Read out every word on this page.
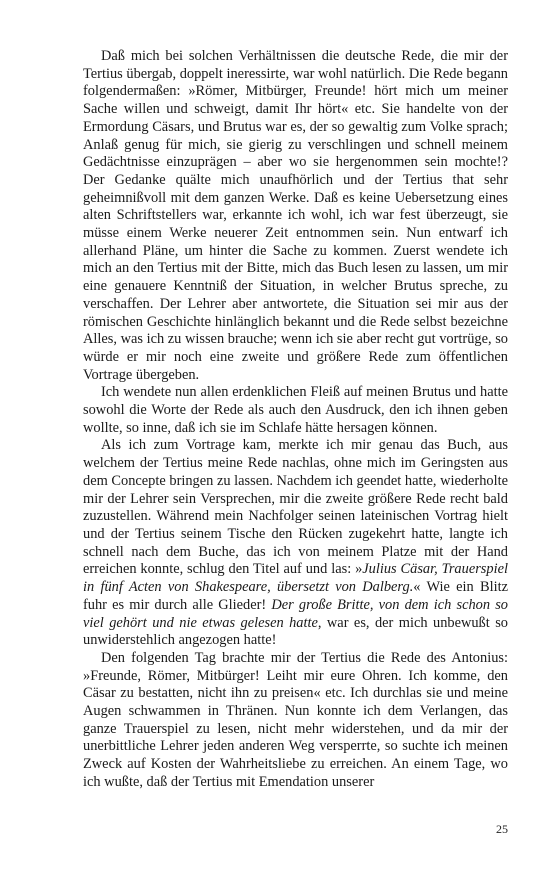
Daß mich bei solchen Verhältnissen die deutsche Rede, die mir der Tertius übergab, doppelt ineressirte, war wohl natürlich. Die Rede begann folgendermaßen: »Römer, Mitbürger, Freunde! hört mich um meiner Sache willen und schweigt, damit Ihr hört« etc. Sie handelte von der Ermordung Cäsars, und Brutus war es, der so gewaltig zum Volke sprach; Anlaß genug für mich, sie gierig zu verschlingen und schnell meinem Gedächtnisse einzuprägen – aber wo sie hergenommen sein mochte!? Der Gedanke quälte mich unaufhörlich und der Tertius that sehr geheimnißvoll mit dem ganzen Werke. Daß es keine Uebersetzung eines alten Schriftstellers war, erkannte ich wohl, ich war fest überzeugt, sie müsse einem Werke neuerer Zeit entnommen sein. Nun entwarf ich allerhand Pläne, um hinter die Sache zu kommen. Zuerst wendete ich mich an den Tertius mit der Bitte, mich das Buch lesen zu lassen, um mir eine genauere Kenntniß der Situation, in welcher Brutus spreche, zu verschaffen. Der Lehrer aber antwortete, die Situation sei mir aus der römischen Geschichte hinlänglich bekannt und die Rede selbst bezeichne Alles, was ich zu wissen brauche; wenn ich sie aber recht gut vortrüge, so würde er mir noch eine zweite und größere Rede zum öffentlichen Vortrage übergeben.

Ich wendete nun allen erdenklichen Fleiß auf meinen Brutus und hatte sowohl die Worte der Rede als auch den Ausdruck, den ich ihnen geben wollte, so inne, daß ich sie im Schlafe hätte hersagen können.

Als ich zum Vortrage kam, merkte ich mir genau das Buch, aus welchem der Tertius meine Rede nachlas, ohne mich im Geringsten aus dem Concepte bringen zu lassen. Nachdem ich geendet hatte, wiederholte mir der Lehrer sein Versprechen, mir die zweite größere Rede recht bald zuzustellen. Während mein Nachfolger seinen lateinischen Vortrag hielt und der Tertius seinem Tische den Rücken zugekehrt hatte, langte ich schnell nach dem Buche, das ich von meinem Platze mit der Hand erreichen konnte, schlug den Titel auf und las: »Julius Cäsar, Trauerspiel in fünf Acten von Shakespeare, übersetzt von Dalberg.« Wie ein Blitz fuhr es mir durch alle Glieder! Der große Britte, von dem ich schon so viel gehört und nie etwas gelesen hatte, war es, der mich unbewußt so unwiderstehlich angezogen hatte!

Den folgenden Tag brachte mir der Tertius die Rede des Antonius: »Freunde, Römer, Mitbürger! Leiht mir eure Ohren. Ich komme, den Cäsar zu bestatten, nicht ihn zu preisen« etc. Ich durchlas sie und meine Augen schwammen in Thränen. Nun konnte ich dem Verlangen, das ganze Trauerspiel zu lesen, nicht mehr widerstehen, und da mir der unerbittliche Lehrer jeden anderen Weg versperrte, so suchte ich meinen Zweck auf Kosten der Wahrheitsliebe zu erreichen. An einem Tage, wo ich wußte, daß der Tertius mit Emendation unserer

25
